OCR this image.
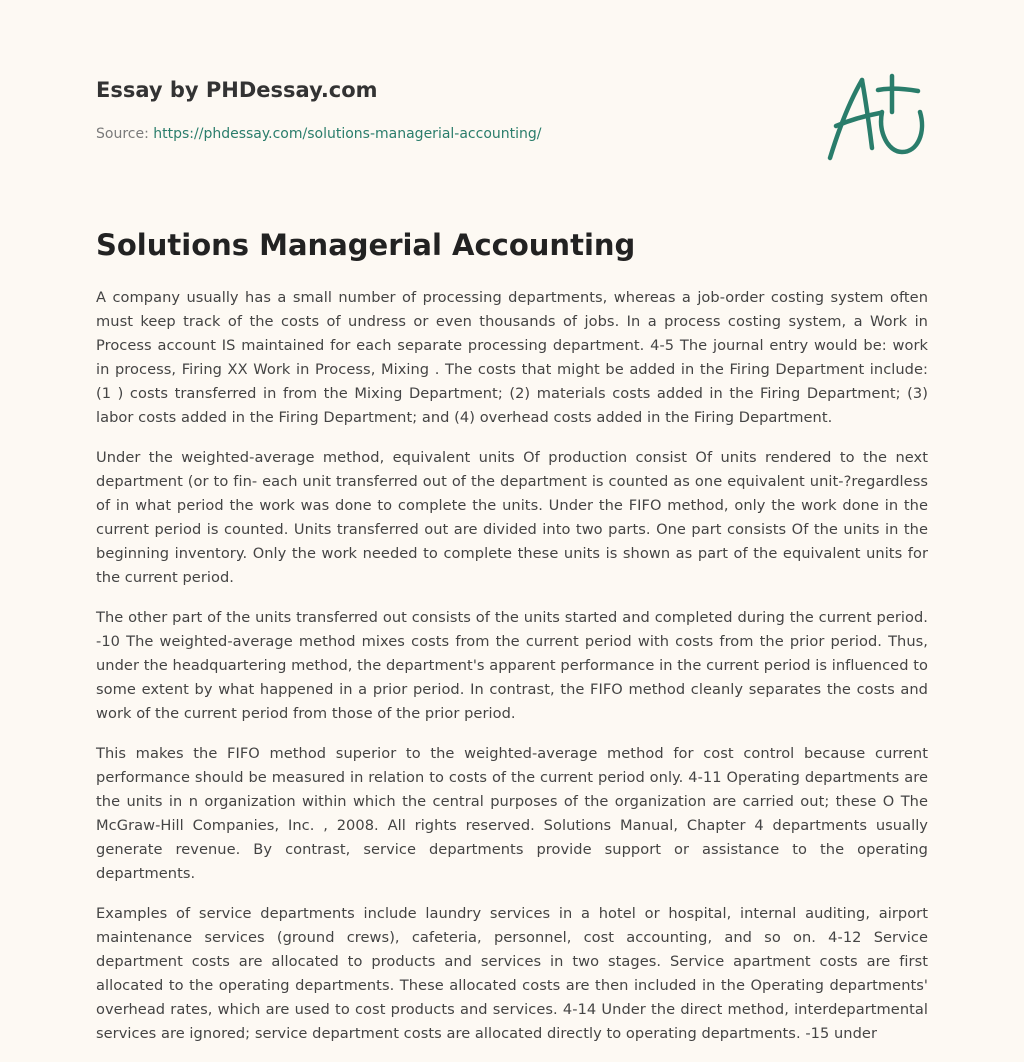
Essay by PHDessay.com
Source: https://phdessay.com/solutions-managerial-accounting/
Solutions Managerial Accounting

A company usually has a small number of processing departments, whereas a job-order costing system often must keep track of the costs of undress or even thousands of jobs. In a process costing system, a Work in Process account IS maintained for each separate processing department. 4-5 The journal entry would be: work in process, Firing XX Work in Process, Mixing . The costs that might be added in the Firing Department include: (1 ) costs transferred in from the Mixing Department; (2) materials costs added in the Firing Department; (3) labor costs added in the Firing Department; and (4) overhead costs added in the Firing Department.

Under the weighted-average method, equivalent units Of production consist Of units rendered to the next department (or to fin- each unit transferred out of the department is counted as one equivalent unit-?regardless of in what period the work was done to complete the units. Under the FIFO method, only the work done in the current period is counted. Units transferred out are divided into two parts. One part consists Of the units in the beginning inventory. Only the work needed to complete these units is shown as part of the equivalent units for the current period.

The other part of the units transferred out consists of the units started and completed during the current period. -10 The weighted-average method mixes costs from the current period with costs from the prior period. Thus, under the headquartering method, the department's apparent performance in the current period is influenced to some extent by what happened in a prior period. In contrast, the FIFO method cleanly separates the costs and work of the current period from those of the prior period.

This makes the FIFO method superior to the weighted-average method for cost control because current performance should be measured in relation to costs of the current period only. 4-11 Operating departments are the units in n organization within which the central purposes of the organization are carried out; these O The McGraw-Hill Companies, Inc. , 2008. All rights reserved. Solutions Manual, Chapter 4 departments usually generate revenue. By contrast, service departments provide support or assistance to the operating departments.

Examples of service departments include laundry services in a hotel or hospital, internal auditing, airport maintenance services (ground crews), cafeteria, personnel, cost accounting, and so on. 4-12 Service department costs are allocated to products and services in two stages. Service apartment costs are first allocated to the operating departments. These allocated costs are then included in the Operating departments' overhead rates, which are used to cost products and services. 4-14 Under the direct method, interdepartmental services are ignored; service department costs are allocated directly to operating departments. -15 under
